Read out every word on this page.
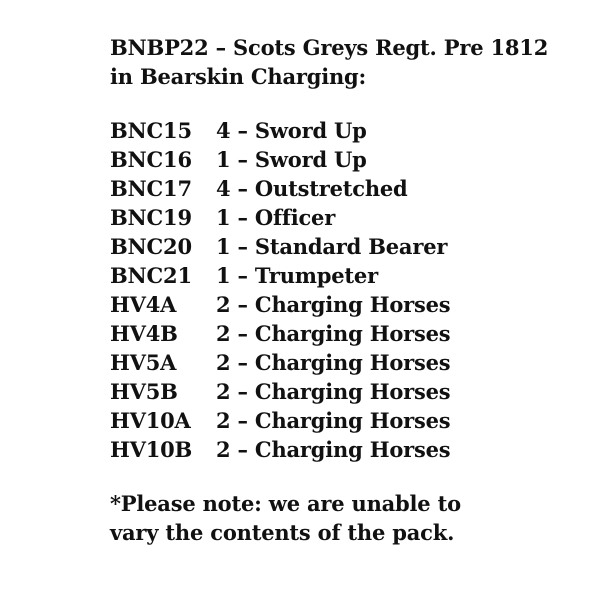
BNBP22 – Scots Greys Regt. Pre 1812
in Bearskin Charging:
BNC15	4 – Sword Up
BNC16	1 – Sword Up
BNC17	4 – Outstretched
BNC19	1 – Officer
BNC20	1 – Standard Bearer
BNC21	1 – Trumpeter
HV4A	2 – Charging Horses
HV4B	2 – Charging Horses
HV5A	2 – Charging Horses
HV5B	2 – Charging Horses
HV10A	2 – Charging Horses
HV10B	2 – Charging Horses
*Please note: we are unable to
vary the contents of the pack.
